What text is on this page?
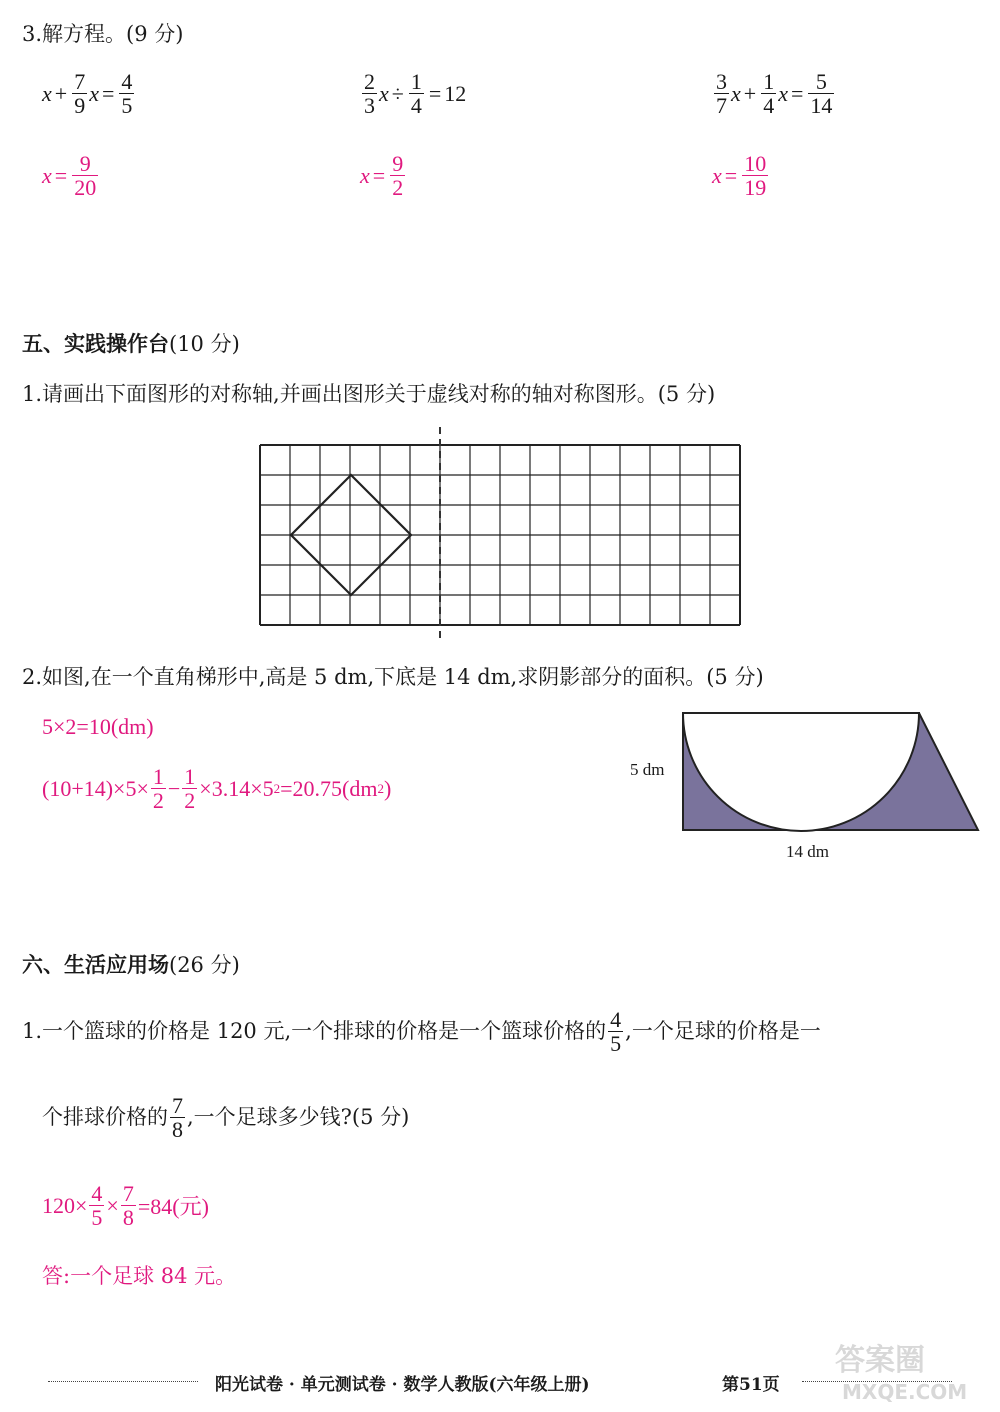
3.解方程。(9 分)
$x + \frac{7}{9}$ $x = \frac{4}{5}$	$\frac{2}{3}$ $x \div \frac{1}{4} = 12$	$\frac{3}{7}$ $x + \frac{1}{4}$ $x = \frac{5}{14}$
$x = \frac{9}{20}$	$x = \frac{9}{2}$	$x = \frac{10}{19}$
五、实践操作台(10 分)
1.请画出下面图形的对称轴,并画出图形关于虚线对称的轴对称图形。(5 分)
2.如图,在一个直角梯形中,高是 5 dm,下底是 14 dm,求阴影部分的面积。(5 分)
5×2=10(dm)
$(10+14)\times 5\times \frac{1}{2} - \frac{1}{2} \times 3.14\times 5$ 2 =20.75(dm 2 )
5 dm
14 dm
六、生活应用场(26 分)
1.一个篮球的价格是 120 元,一个排球的价格是一个篮球价格的 $\frac{4}{5}$ ,一个足球的价格是一
个排球价格的 $\frac{7}{8}$ ,一个足球多少钱?(5 分)
$120\times \frac{4}{5} \times \frac{7}{8} =84$(元)
答:一个足球 84 元。
阳光试卷 · 单元测试卷 · 数学人教版(六年级上册)	第51页
答案圈
MXQE.COM
